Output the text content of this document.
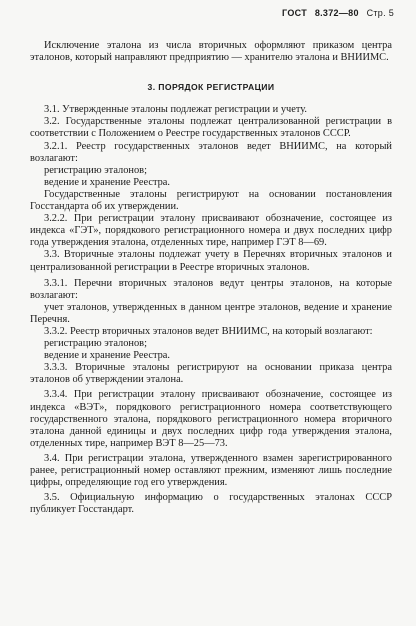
ГОСТ 8.372—80 Стр. 5

Исключение эталона из числа вторичных оформляют приказом центра эталонов, который направляют предприятию — хранителю эталона и ВНИИМС.

3. ПОРЯДОК РЕГИСТРАЦИИ

3.1. Утвержденные эталоны подлежат регистрации и учету.

3.2. Государственные эталоны подлежат централизованной регистрации в соответствии с Положением о Реестре государственных эталонов СССР.

3.2.1. Реестр государственных эталонов ведет ВНИИМС, на который возлагают:

регистрацию эталонов;

ведение и хранение Реестра.

Государственные эталоны регистрируют на основании постановления Госстандарта об их утверждении.

3.2.2. При регистрации эталону присваивают обозначение, состоящее из индекса «ГЭТ», порядкового регистрационного номера и двух последних цифр года утверждения эталона, отделенных тире, например ГЭТ 8—69.

3.3. Вторичные эталоны подлежат учету в Перечнях вторичных эталонов и централизованной регистрации в Реестре вторичных эталонов.

3.3.1. Перечни вторичных эталонов ведут центры эталонов, на которые возлагают:

учет эталонов, утвержденных в данном центре эталонов, ведение и хранение Перечня.

3.3.2. Реестр вторичных эталонов ведет ВНИИМС, на который возлагают:

регистрацию эталонов;

ведение и хранение Реестра.

3.3.3. Вторичные эталоны регистрируют на основании приказа центра эталонов об утверждении эталона.

3.3.4. При регистрации эталону присваивают обозначение, состоящее из индекса «ВЭТ», порядкового регистрационного номера соответствующего государственного эталона, порядкового регистрационного номера вторичного эталона данной единицы и двух последних цифр года утверждения эталона, отделенных тире, например ВЭТ 8—25—73.

3.4. При регистрации эталона, утвержденного взамен зарегистрированного ранее, регистрационный номер оставляют прежним, изменяют лишь последние цифры, определяющие год его утверждения.

3.5. Официальную информацию о государственных эталонах СССР публикует Госстандарт.
